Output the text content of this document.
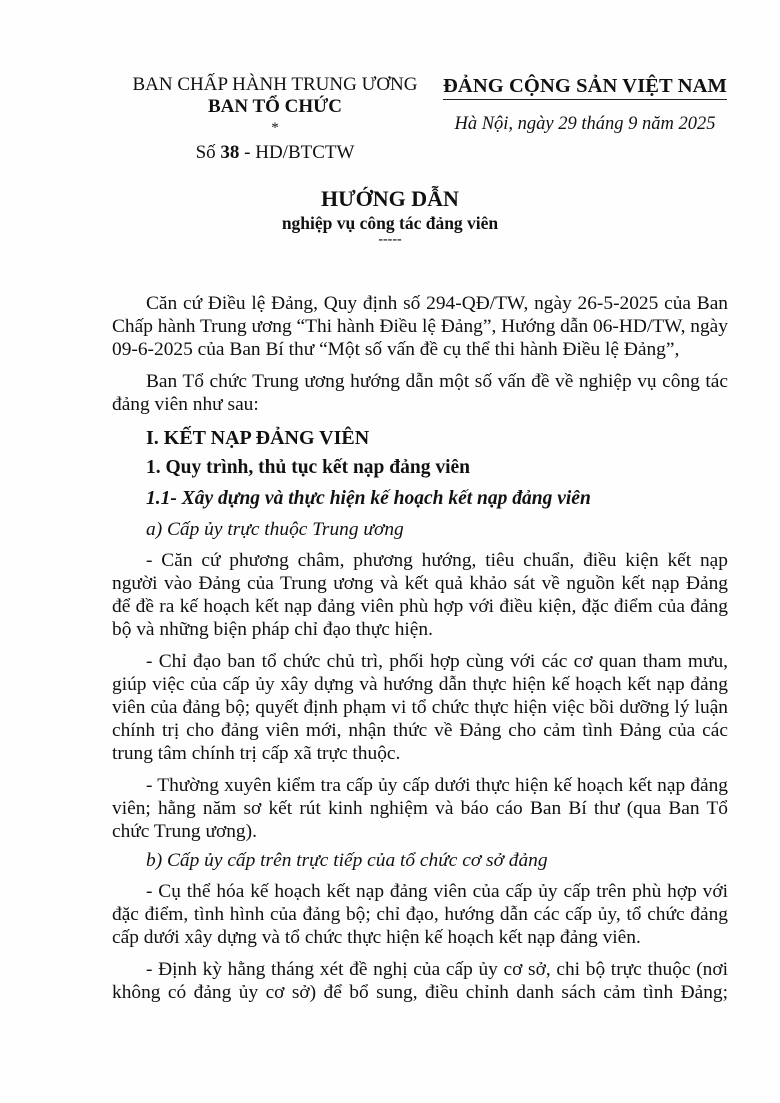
BAN CHẤP HÀNH TRUNG ƯƠNG
BAN TỔ CHỨC
*
Số 38 - HD/BTCTW
ĐẢNG CỘNG SẢN VIỆT NAM
Hà Nội, ngày 29 tháng 9 năm 2025
HƯỚNG DẪN
nghiệp vụ công tác đảng viên
-----
Căn cứ Điều lệ Đảng, Quy định số 294-QĐ/TW, ngày 26-5-2025 của Ban
Chấp hành Trung ương “Thi hành Điều lệ Đảng”, Hướng dẫn 06-HD/TW, ngày
09-6-2025 của Ban Bí thư “Một số vấn đề cụ thể thi hành Điều lệ Đảng”,
Ban Tổ chức Trung ương hướng dẫn một số vấn đề về nghiệp vụ công tác
đảng viên như sau:
I. KẾT NẠP ĐẢNG VIÊN
1. Quy trình, thủ tục kết nạp đảng viên
1.1- Xây dựng và thực hiện kế hoạch kết nạp đảng viên
a) Cấp ủy trực thuộc Trung ương
- Căn cứ phương châm, phương hướng, tiêu chuẩn, điều kiện kết nạp
người vào Đảng của Trung ương và kết quả khảo sát về nguồn kết nạp Đảng
để đề ra kế hoạch kết nạp đảng viên phù hợp với điều kiện, đặc điểm của đảng
bộ và những biện pháp chỉ đạo thực hiện.
- Chỉ đạo ban tổ chức chủ trì, phối hợp cùng với các cơ quan tham mưu,
giúp việc của cấp ủy xây dựng và hướng dẫn thực hiện kế hoạch kết nạp đảng
viên của đảng bộ; quyết định phạm vi tổ chức thực hiện việc bồi dưỡng lý luận
chính trị cho đảng viên mới, nhận thức về Đảng cho cảm tình Đảng của các
trung tâm chính trị cấp xã trực thuộc.
- Thường xuyên kiểm tra cấp ủy cấp dưới thực hiện kế hoạch kết nạp đảng
viên; hằng năm sơ kết rút kinh nghiệm và báo cáo Ban Bí thư (qua Ban Tổ
chức Trung ương).
b) Cấp ủy cấp trên trực tiếp của tổ chức cơ sở đảng
- Cụ thể hóa kế hoạch kết nạp đảng viên của cấp ủy cấp trên phù hợp với
đặc điểm, tình hình của đảng bộ; chỉ đạo, hướng dẫn các cấp ủy, tổ chức đảng
cấp dưới xây dựng và tổ chức thực hiện kế hoạch kết nạp đảng viên.
- Định kỳ hằng tháng xét đề nghị của cấp ủy cơ sở, chi bộ trực thuộc (nơi
không có đảng ủy cơ sở) để bổ sung, điều chỉnh danh sách cảm tình Đảng;
